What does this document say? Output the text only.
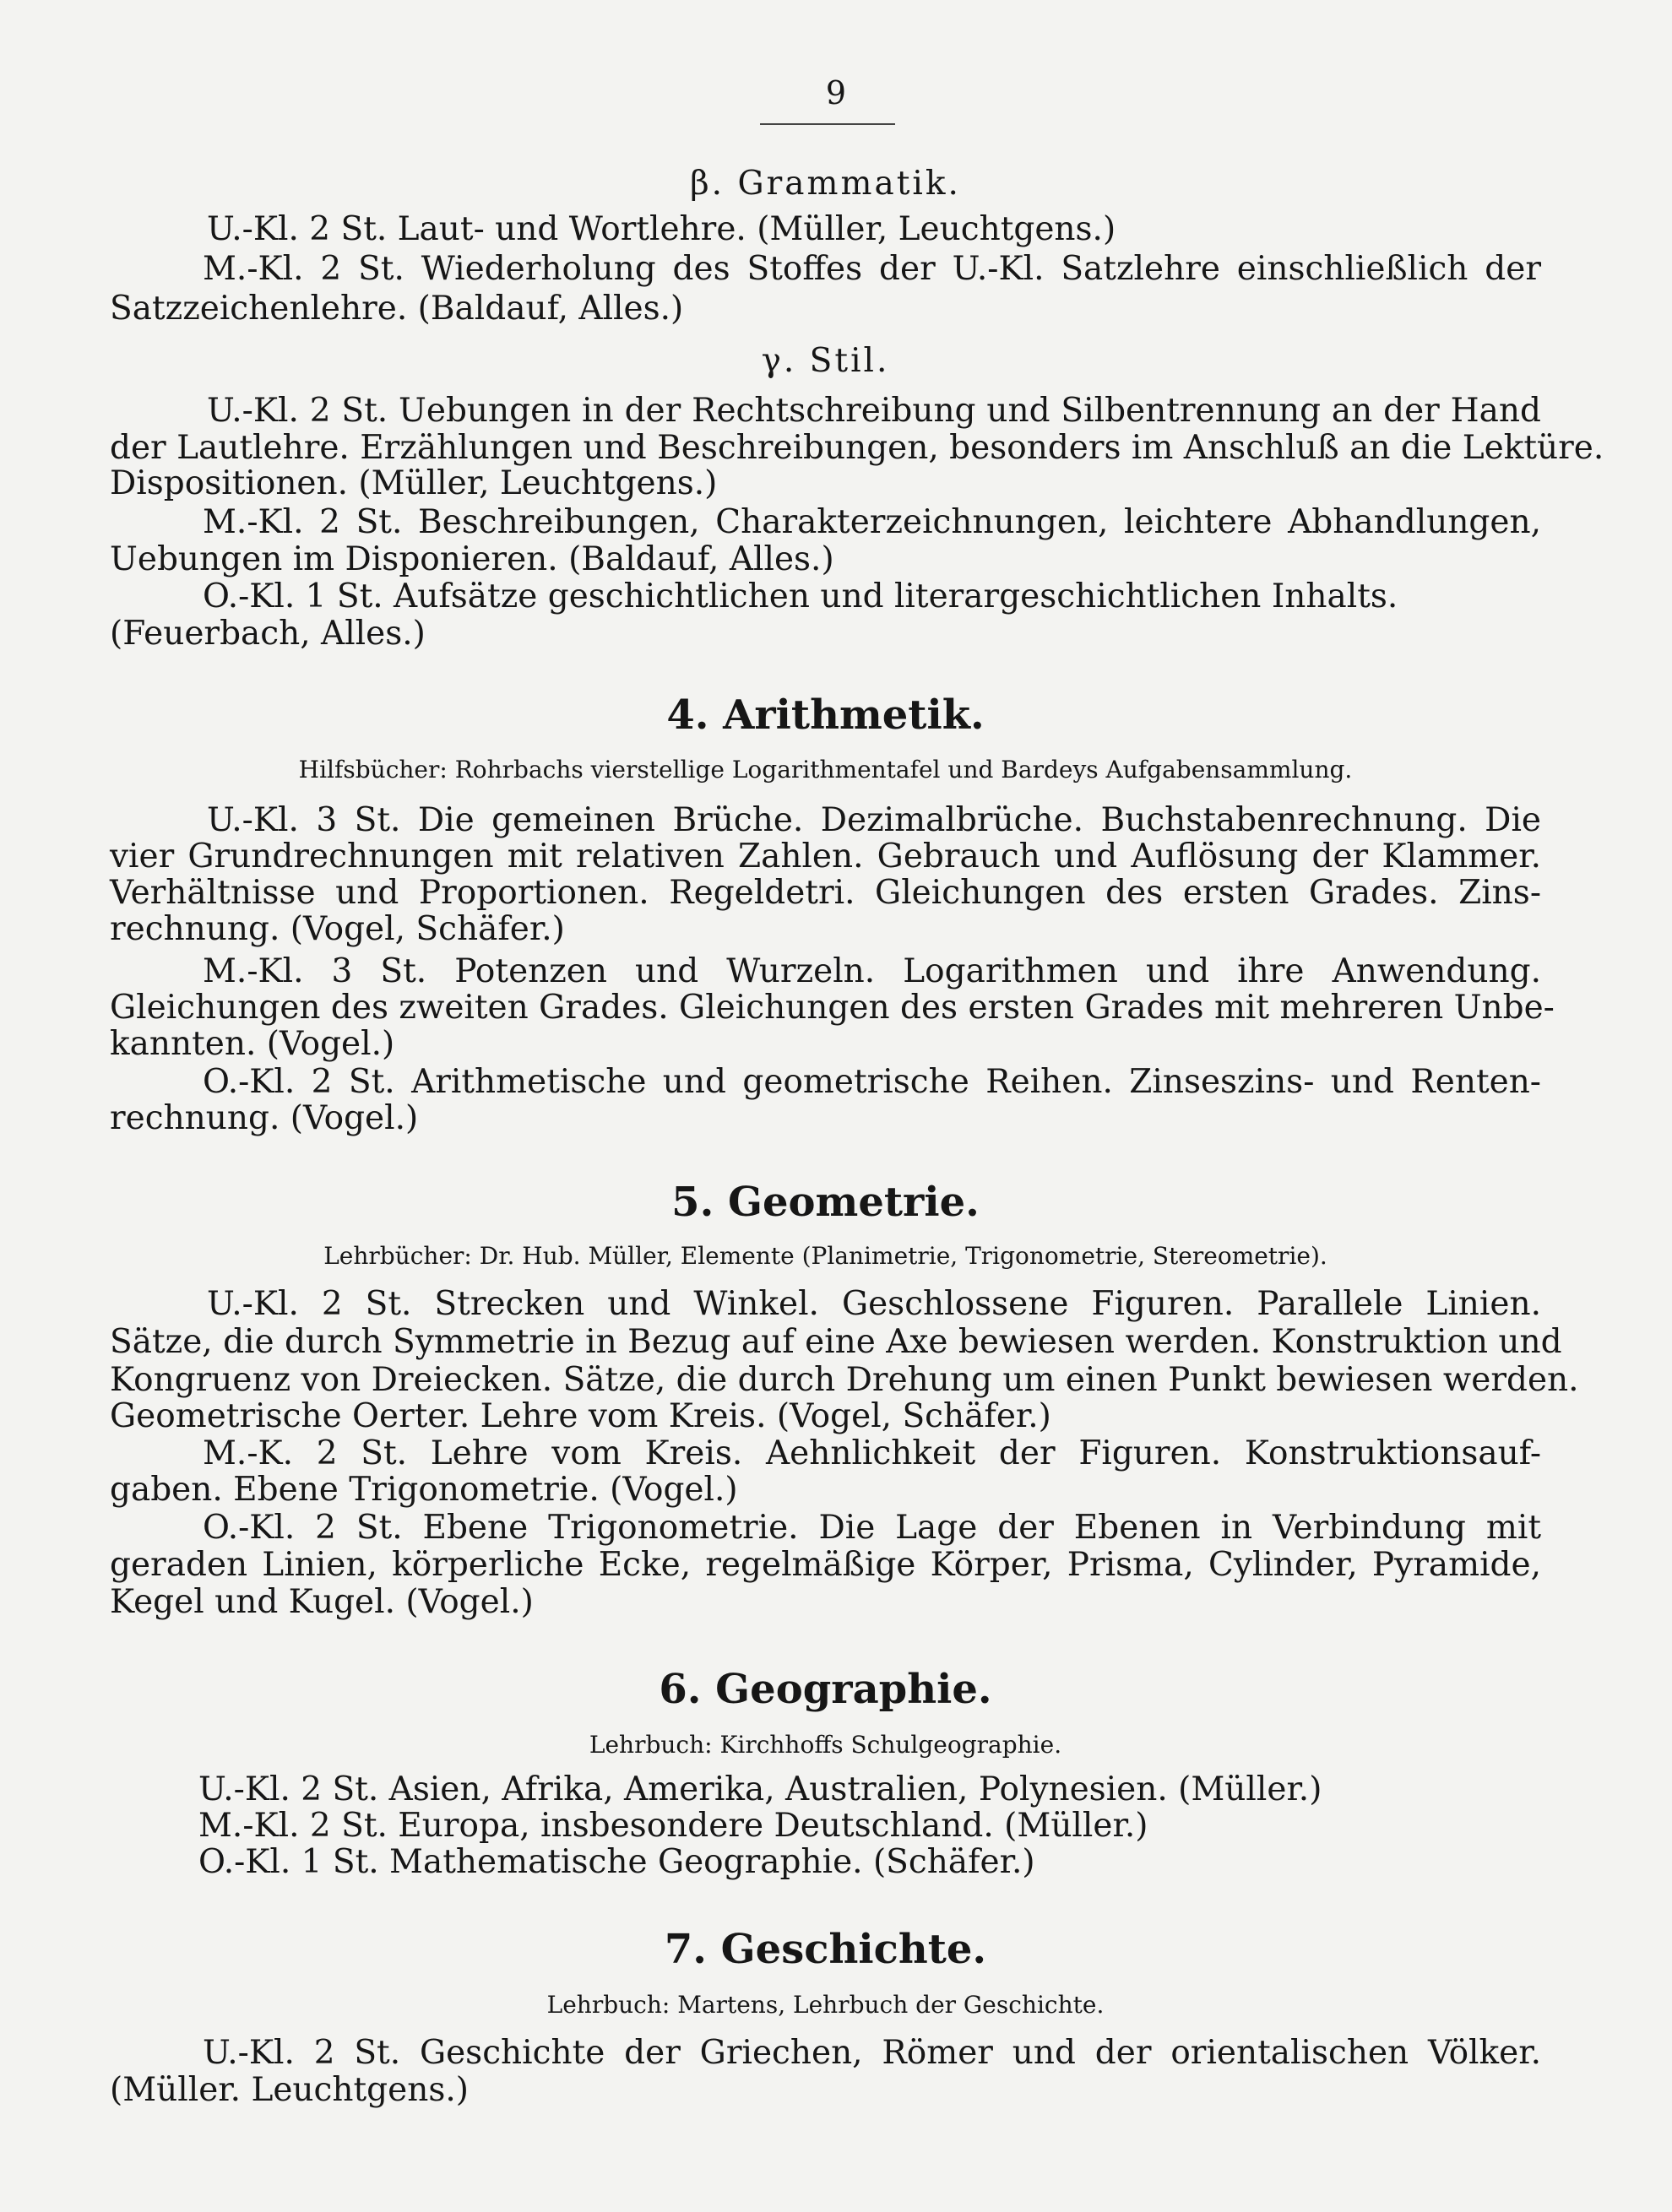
9
β. Grammatik.
U.-Kl. 2 St. Laut- und Wortlehre. (Müller, Leuchtgens.)
M.-Kl. 2 St. Wiederholung des Stoffes der U.-Kl. Satzlehre einschließlich der
Satzzeichenlehre. (Baldauf, Alles.)
γ. Stil.
U.-Kl. 2 St. Uebungen in der Rechtschreibung und Silbentrennung an der Hand
der Lautlehre. Erzählungen und Beschreibungen, besonders im Anschluß an die Lektüre.
Dispositionen. (Müller, Leuchtgens.)
M.-Kl. 2 St. Beschreibungen, Charakterzeichnungen, leichtere Abhandlungen,
Uebungen im Disponieren. (Baldauf, Alles.)
O.-Kl. 1 St. Aufsätze geschichtlichen und literargeschichtlichen Inhalts.
(Feuerbach, Alles.)
4. Arithmetik.
Hilfsbücher: Rohrbachs vierstellige Logarithmentafel und Bardeys Aufgabensammlung.
U.-Kl. 3 St. Die gemeinen Brüche. Dezimalbrüche. Buchstabenrechnung. Die
vier Grundrechnungen mit relativen Zahlen. Gebrauch und Auflösung der Klammer.
Verhältnisse und Proportionen. Regeldetri. Gleichungen des ersten Grades. Zins-
rechnung. (Vogel, Schäfer.)
M.-Kl. 3 St. Potenzen und Wurzeln. Logarithmen und ihre Anwendung.
Gleichungen des zweiten Grades. Gleichungen des ersten Grades mit mehreren Unbe-
kannten. (Vogel.)
O.-Kl. 2 St. Arithmetische und geometrische Reihen. Zinseszins- und Renten-
rechnung. (Vogel.)
5. Geometrie.
Lehrbücher: Dr. Hub. Müller, Elemente (Planimetrie, Trigonometrie, Stereometrie).
U.-Kl. 2 St. Strecken und Winkel. Geschlossene Figuren. Parallele Linien.
Sätze, die durch Symmetrie in Bezug auf eine Axe bewiesen werden. Konstruktion und
Kongruenz von Dreiecken. Sätze, die durch Drehung um einen Punkt bewiesen werden.
Geometrische Oerter. Lehre vom Kreis. (Vogel, Schäfer.)
M.-K. 2 St. Lehre vom Kreis. Aehnlichkeit der Figuren. Konstruktionsauf-
gaben. Ebene Trigonometrie. (Vogel.)
O.-Kl. 2 St. Ebene Trigonometrie. Die Lage der Ebenen in Verbindung mit
geraden Linien, körperliche Ecke, regelmäßige Körper, Prisma, Cylinder, Pyramide,
Kegel und Kugel. (Vogel.)
6. Geographie.
Lehrbuch: Kirchhoffs Schulgeographie.
U.-Kl. 2 St. Asien, Afrika, Amerika, Australien, Polynesien. (Müller.)
M.-Kl. 2 St. Europa, insbesondere Deutschland. (Müller.)
O.-Kl. 1 St. Mathematische Geographie. (Schäfer.)
7. Geschichte.
Lehrbuch: Martens, Lehrbuch der Geschichte.
U.-Kl. 2 St. Geschichte der Griechen, Römer und der orientalischen Völker.
(Müller. Leuchtgens.)
